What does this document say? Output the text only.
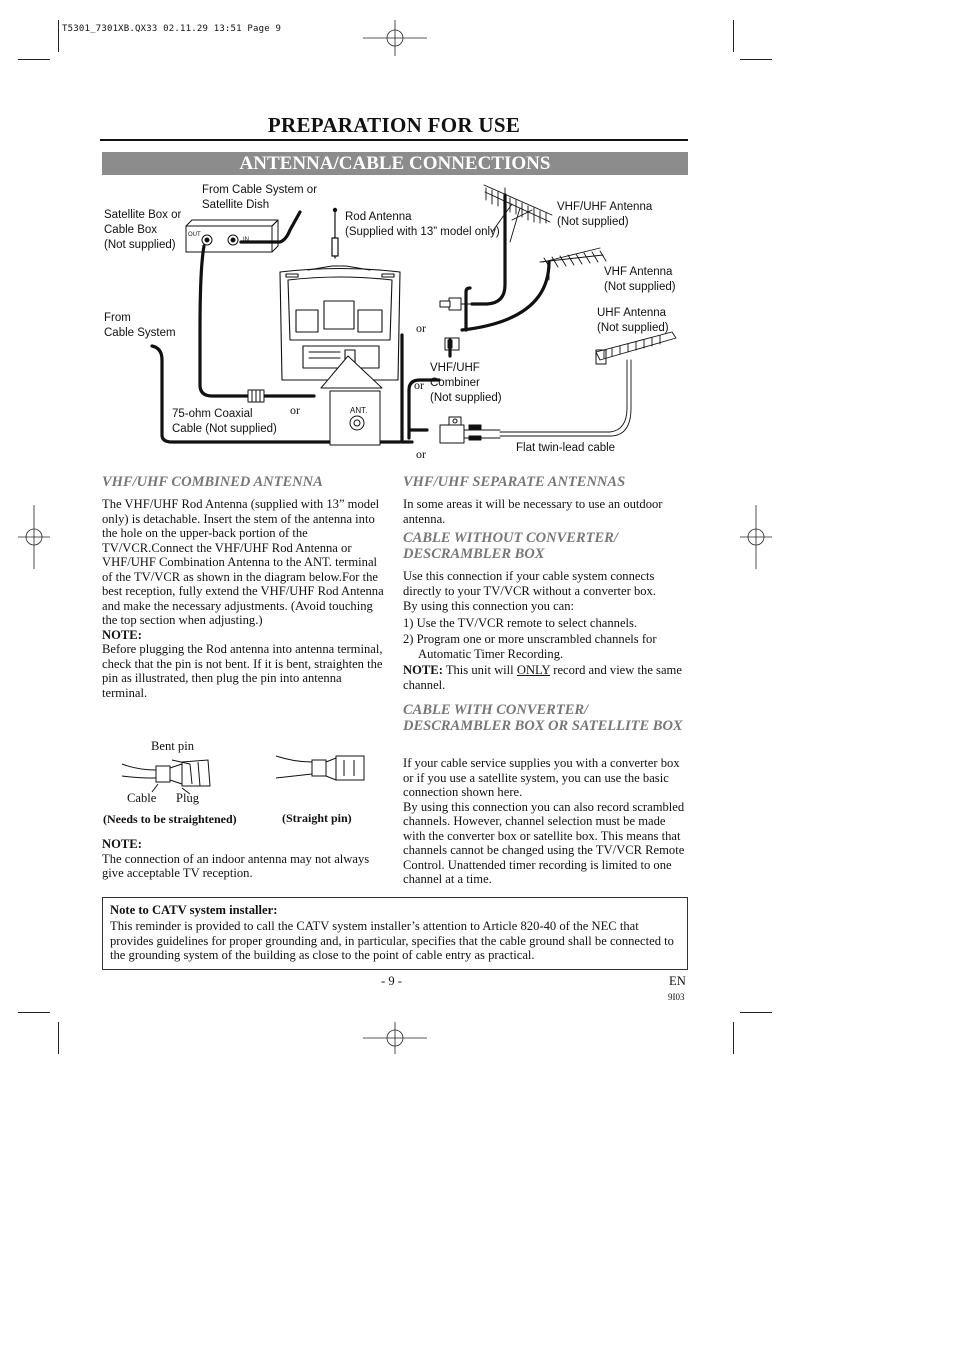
T5301_7301XB.QX33 02.11.29 13:51 Page 9
PREPARATION FOR USE
ANTENNA/CABLE CONNECTIONS
Satellite Box or
Cable Box
(Not supplied)
OUT
IN
From Cable System or
Satellite Dish
Rod Antenna
(Supplied with 13” model only)
VHF/UHF Antenna
(Not supplied)
VHF Antenna
(Not supplied)
UHF Antenna
(Not supplied)
From
Cable System
VHF/UHF
Combiner
(Not supplied)
75-ohm Coaxial
Cable (Not supplied)
ANT.
Flat twin-lead cable
or
or
or
or
VHF/UHF COMBINED ANTENNA

The VHF/UHF Rod Antenna (supplied with 13” model only) is detachable. Insert the stem of the antenna into the hole on the upper-back portion of the TV/VCR.Connect the VHF/UHF Rod Antenna or VHF/UHF Combination Antenna to the ANT. terminal of the TV/VCR as shown in the diagram below.For the best reception, fully extend the VHF/UHF Rod Antenna and make the necessary adjustments. (Avoid touching the top section when adjusting.)

NOTE:

Before plugging the Rod antenna into antenna terminal, check that the pin is not bent. If it is bent, straighten the pin as illustrated, then plug the pin into antenna terminal.

Bent pin
Cable Plug
(Needs to be straightened)	(Straight pin)

NOTE:

The connection of an indoor antenna may not always give acceptable TV reception.

VHF/UHF SEPARATE ANTENNAS
In some areas it will be necessary to use an outdoor antenna.
CABLE WITHOUT CONVERTER/ DESCRAMBLER BOX

Use this connection if your cable system connects directly to your TV/VCR without a converter box.

By using this connection you can:

1) Use the TV/VCR remote to select channels.

2) Program one or more unscrambled channels for Automatic Timer Recording.

NOTE: This unit will ONLY record and view the same channel.

CABLE WITH CONVERTER/ DESCRAMBLER BOX OR SATELLITE BOX

If your cable service supplies you with a converter box or if you use a satellite system, you can use the basic connection shown here.

By using this connection you can also record scrambled channels. However, channel selection must be made with the converter box or satellite box. This means that channels cannot be changed using the TV/VCR Remote Control. Unattended timer recording is limited to one channel at a time.

Note to CATV system installer:
This reminder is provided to call the CATV system installer’s attention to Article 820-40 of the NEC that provides guidelines for proper grounding and, in particular, specifies that the cable ground shall be connected to the grounding system of the building as close to the point of cable entry as practical.
- 9 -	EN
9I03
